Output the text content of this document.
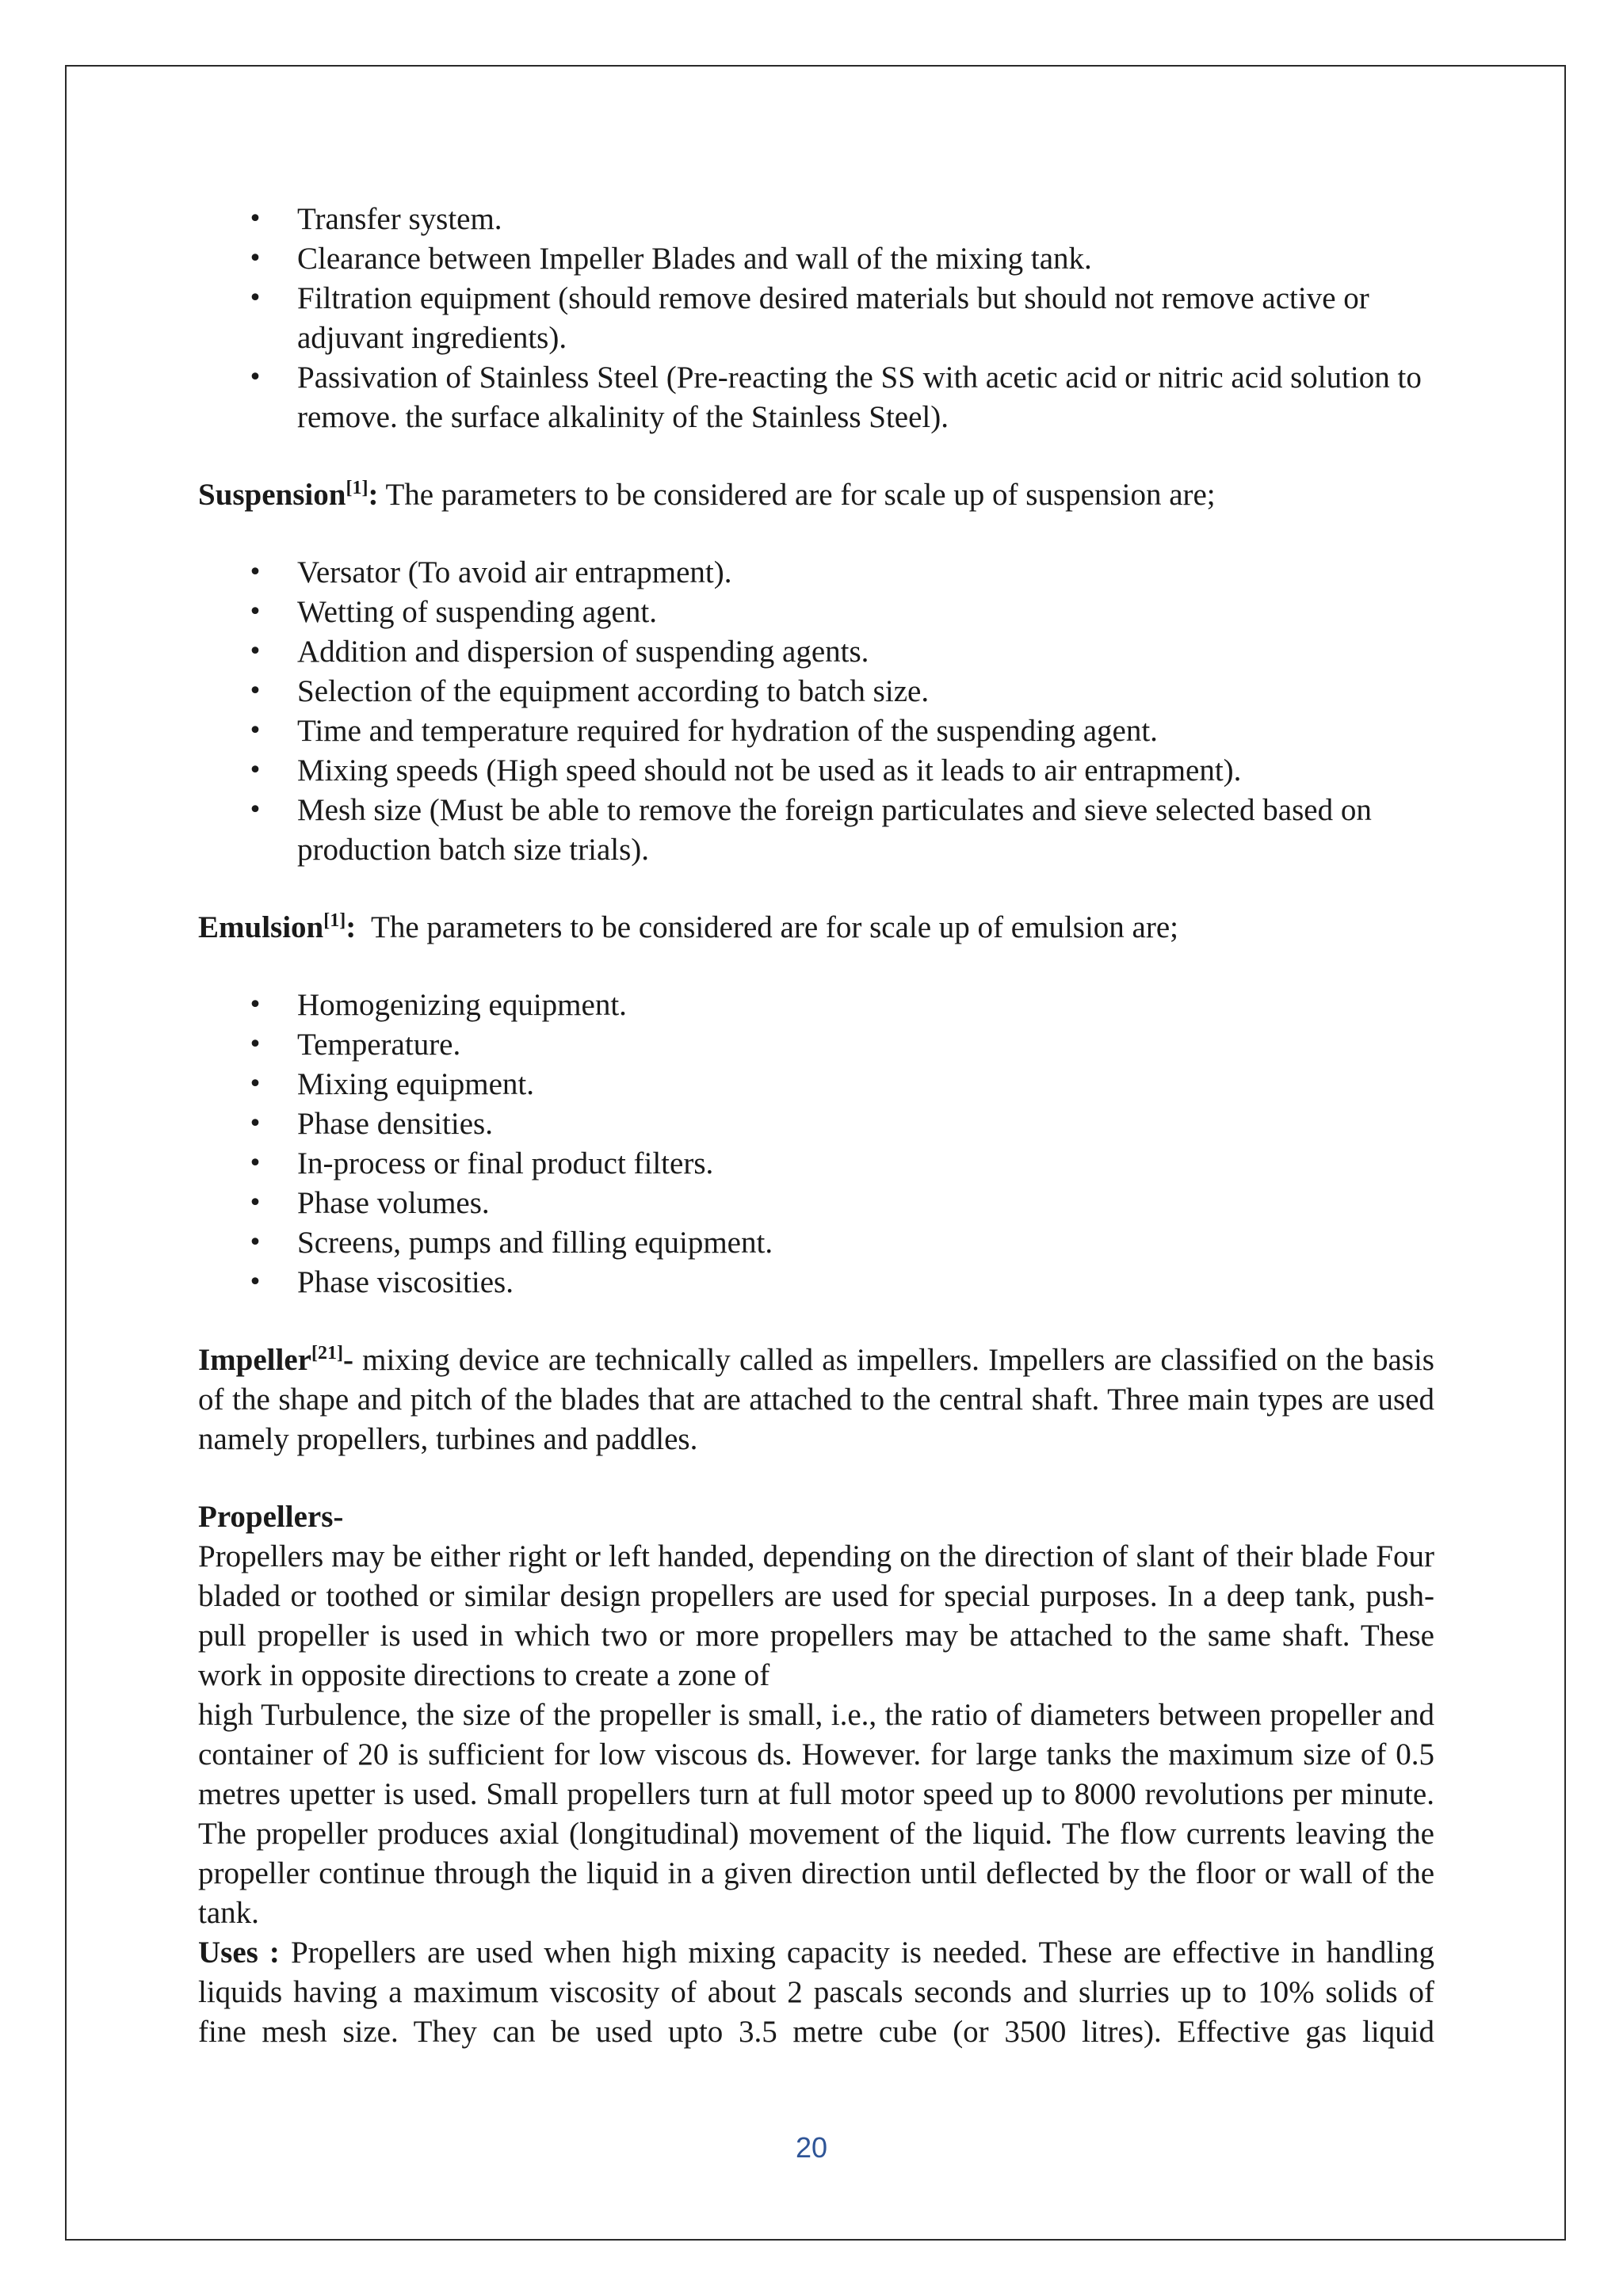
• Transfer system.
• Clearance between Impeller Blades and wall of the mixing tank.
• Filtration equipment (should remove desired materials but should not remove active or adjuvant ingredients).
• Passivation of Stainless Steel (Pre-reacting the SS with acetic acid or nitric acid solution to remove. the surface alkalinity of the Stainless Steel).

Suspension[1]: The parameters to be considered are for scale up of suspension are;

• Versator (To avoid air entrapment).
• Wetting of suspending agent.
• Addition and dispersion of suspending agents.
• Selection of the equipment according to batch size.
• Time and temperature required for hydration of the suspending agent.
• Mixing speeds (High speed should not be used as it leads to air entrapment).
• Mesh size (Must be able to remove the foreign particulates and sieve selected based on production batch size trials).

Emulsion[1]:  The parameters to be considered are for scale up of emulsion are;

• Homogenizing equipment.
• Temperature.
• Mixing equipment.
• Phase densities.
• In-process or final product filters.
• Phase volumes.
• Screens, pumps and filling equipment.
• Phase viscosities.

Impeller[21]- mixing device are technically called as impellers. Impellers are classified on the basis of the shape and pitch of the blades that are attached to the central shaft. Three main types are used namely propellers, turbines and paddles.

Propellers-

Propellers may be either right or left handed, depending on the direction of slant of their blade Four bladed or toothed or similar design propellers are used for special purposes. In a deep tank, push-pull propeller is used in which two or more propellers may be attached to the same shaft. These work in opposite directions to create a zone of

high Turbulence, the size of the propeller is small, i.e., the ratio of diameters between propeller and container of 20 is sufficient for low viscous ds. However. for large tanks the maximum size of 0.5 metres upetter is used. Small propellers turn at full motor speed up to 8000 revolutions per minute. The propeller produces axial (longitudinal) movement of the liquid. The flow currents leaving the propeller continue through the liquid in a given direction until deflected by the floor or wall of the tank.

Uses : Propellers are used when high mixing capacity is needed. These are effective in handling liquids having a maximum viscosity of about 2 pascals seconds and slurries up to 10% solids of fine mesh size. They can be used upto 3.5 metre cube (or 3500 litres). Effective gas liquid

20
